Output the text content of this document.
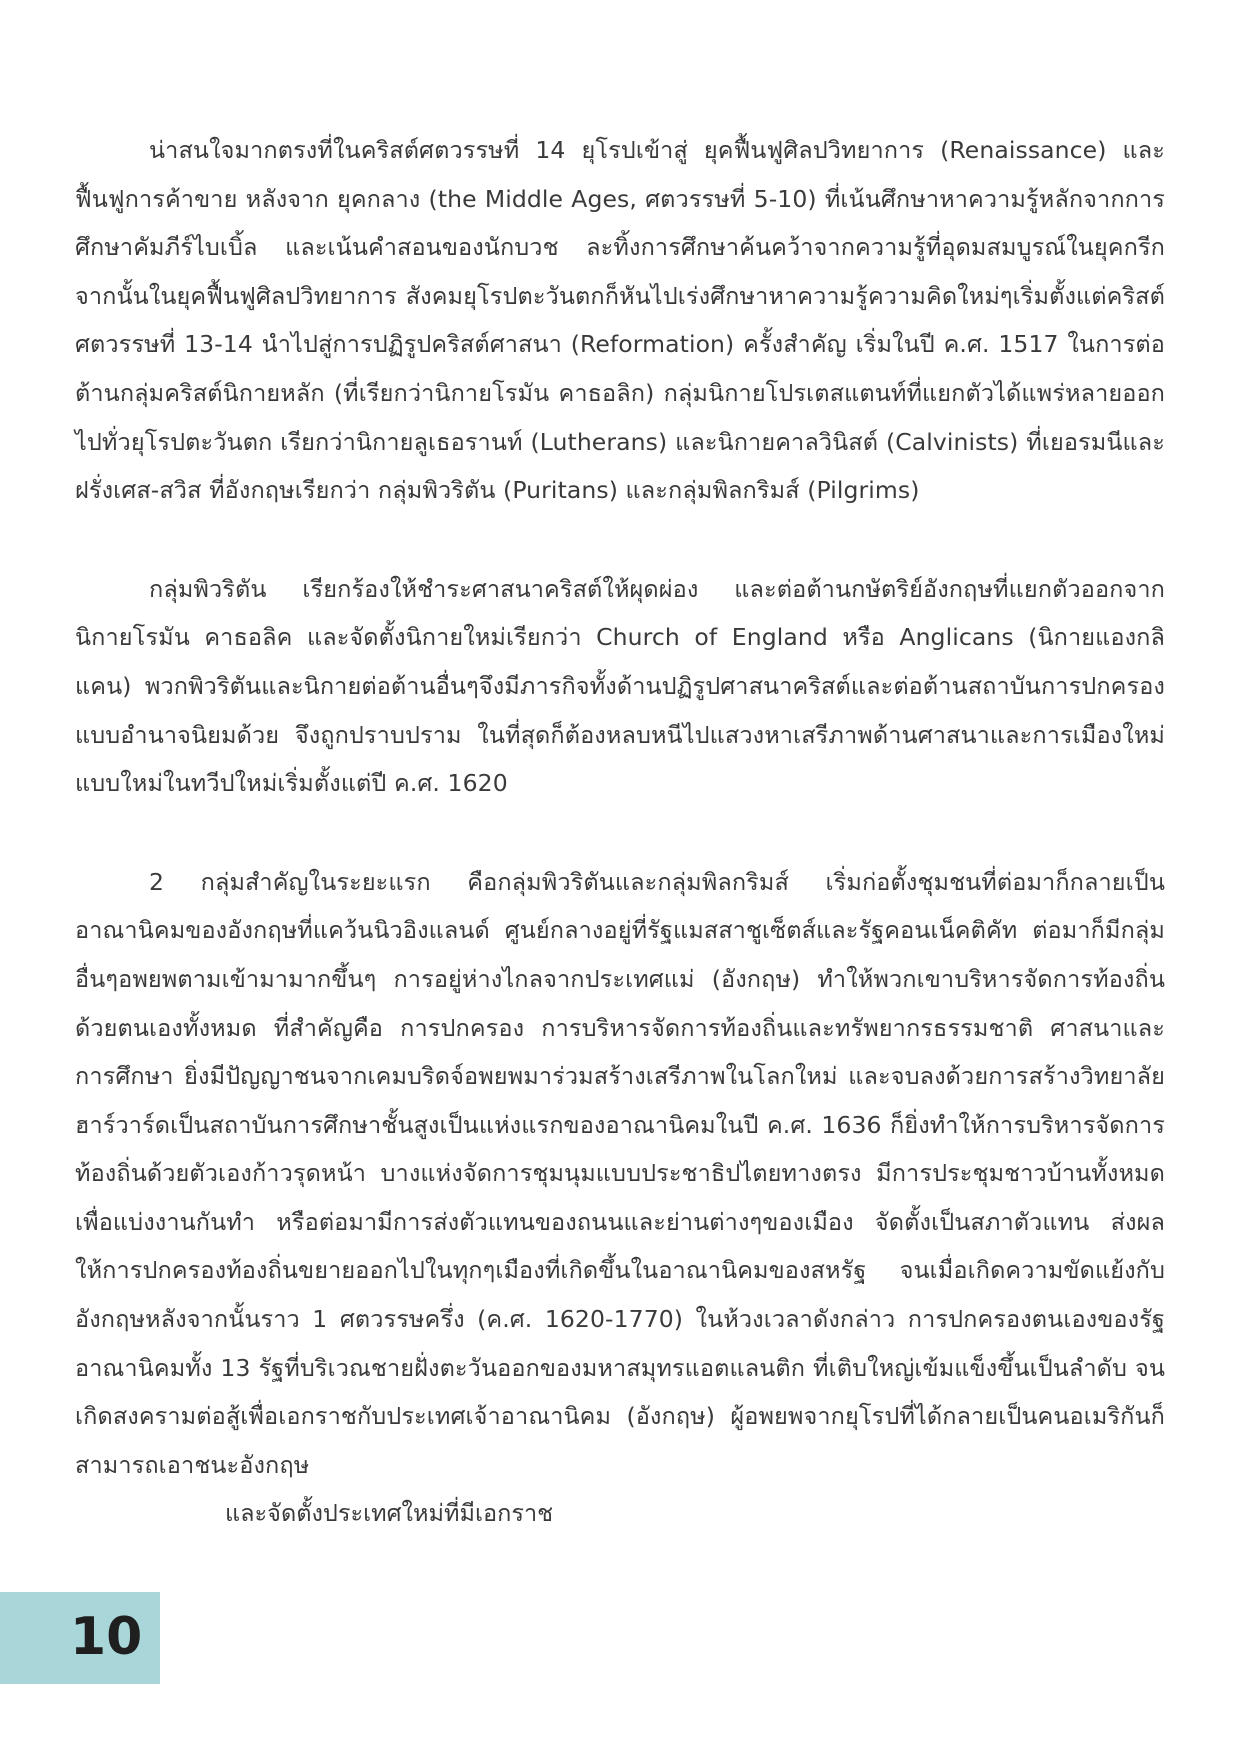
น่าสนใจมากตรงที่ในคริสต์ศตวรรษที่ 14 ยุโรปเข้าสู่ ยุคฟื้นฟูศิลปวิทยาการ (Renaissance) และฟื้นฟูการค้าขาย หลังจาก ยุคกลาง (the Middle Ages, ศตวรรษที่ 5-10) ที่เน้นศึกษาหาความรู้หลักจากการศึกษาคัมภีร์ไบเบิ้ล และเน้นคำสอนของนักบวช ละทิ้งการศึกษาค้นคว้าจากความรู้ที่อุดมสมบูรณ์ในยุคกรีก จากนั้นในยุคฟื้นฟูศิลปวิทยาการ สังคมยุโรปตะวันตกก็หันไปเร่งศึกษาหาความรู้ความคิดใหม่ๆเริ่มตั้งแต่คริสต์ศตวรรษที่ 13-14 นำไปสู่การปฏิรูปคริสต์ศาสนา (Reformation) ครั้งสำคัญ เริ่มในปี ค.ศ. 1517 ในการต่อต้านกลุ่มคริสต์นิกายหลัก (ที่เรียกว่านิกายโรมัน คาธอลิก) กลุ่มนิกายโปรเตสแตนท์ที่แยกตัวได้แพร่หลายออกไปทั่วยุโรปตะวันตก เรียกว่านิกายลูเธอรานท์ (Lutherans) และนิกายคาลวินิสต์ (Calvinists) ที่เยอรมนีและฝรั่งเศส-สวิส ที่อังกฤษเรียกว่า กลุ่มพิวริตัน (Puritans) และกลุ่มพิลกริมส์ (Pilgrims)

กลุ่มพิวริตัน เรียกร้องให้ชำระศาสนาคริสต์ให้ผุดผ่อง และต่อต้านกษัตริย์อังกฤษที่แยกตัวออกจากนิกายโรมัน คาธอลิค และจัดตั้งนิกายใหม่เรียกว่า Church of England หรือ Anglicans (นิกายแองกลิแคน) พวกพิวริตันและนิกายต่อต้านอื่นๆจึงมีภารกิจทั้งด้านปฏิรูปศาสนาคริสต์และต่อต้านสถาบันการปกครองแบบอำนาจนิยมด้วย จึงถูกปราบปราม ในที่สุดก็ต้องหลบหนีไปแสวงหาเสรีภาพด้านศาสนาและการเมืองใหม่แบบใหม่ในทวีปใหม่เริ่มตั้งแต่ปี ค.ศ. 1620

2 กลุ่มสำคัญในระยะแรก คือกลุ่มพิวริตันและกลุ่มพิลกริมส์ เริ่มก่อตั้งชุมชนที่ต่อมาก็กลายเป็นอาณานิคมของอังกฤษที่แคว้นนิวอิงแลนด์ ศูนย์กลางอยู่ที่รัฐแมสสาชูเซ็ตส์และรัฐคอนเน็คติคัท ต่อมาก็มีกลุ่มอื่นๆอพยพตามเข้ามามากขึ้นๆ การอยู่ห่างไกลจากประเทศแม่ (อังกฤษ) ทำให้พวกเขาบริหารจัดการท้องถิ่นด้วยตนเองทั้งหมด ที่สำคัญคือ การปกครอง การบริหารจัดการท้องถิ่นและทรัพยากรธรรมชาติ ศาสนาและการศึกษา ยิ่งมีปัญญาชนจากเคมบริดจ์อพยพมาร่วมสร้างเสรีภาพในโลกใหม่ และจบลงด้วยการสร้างวิทยาลัยฮาร์วาร์ดเป็นสถาบันการศึกษาชั้นสูงเป็นแห่งแรกของอาณานิคมในปี ค.ศ. 1636 ก็ยิ่งทำให้การบริหารจัดการท้องถิ่นด้วยตัวเองก้าวรุดหน้า บางแห่งจัดการชุมนุมแบบประชาธิปไตยทางตรง มีการประชุมชาวบ้านทั้งหมด เพื่อแบ่งงานกันทำ หรือต่อมามีการส่งตัวแทนของถนนและย่านต่างๆของเมือง จัดตั้งเป็นสภาตัวแทน ส่งผลให้การปกครองท้องถิ่นขยายออกไปในทุกๆเมืองที่เกิดขึ้นในอาณานิคมของสหรัฐ จนเมื่อเกิดความขัดแย้งกับอังกฤษหลังจากนั้นราว 1 ศตวรรษครึ่ง (ค.ศ. 1620-1770) ในห้วงเวลาดังกล่าว การปกครองตนเองของรัฐอาณานิคมทั้ง 13 รัฐที่บริเวณชายฝั่งตะวันออกของมหาสมุทรแอตแลนติก ที่เติบใหญ่เข้มแข็งขึ้นเป็นลำดับ จนเกิดสงครามต่อสู้เพื่อเอกราชกับประเทศเจ้าอาณานิคม (อังกฤษ) ผู้อพยพจากยุโรปที่ได้กลายเป็นคนอเมริกันก็สามารถเอาชนะอังกฤษ

และจัดตั้งประเทศใหม่ที่มีเอกราช

10
